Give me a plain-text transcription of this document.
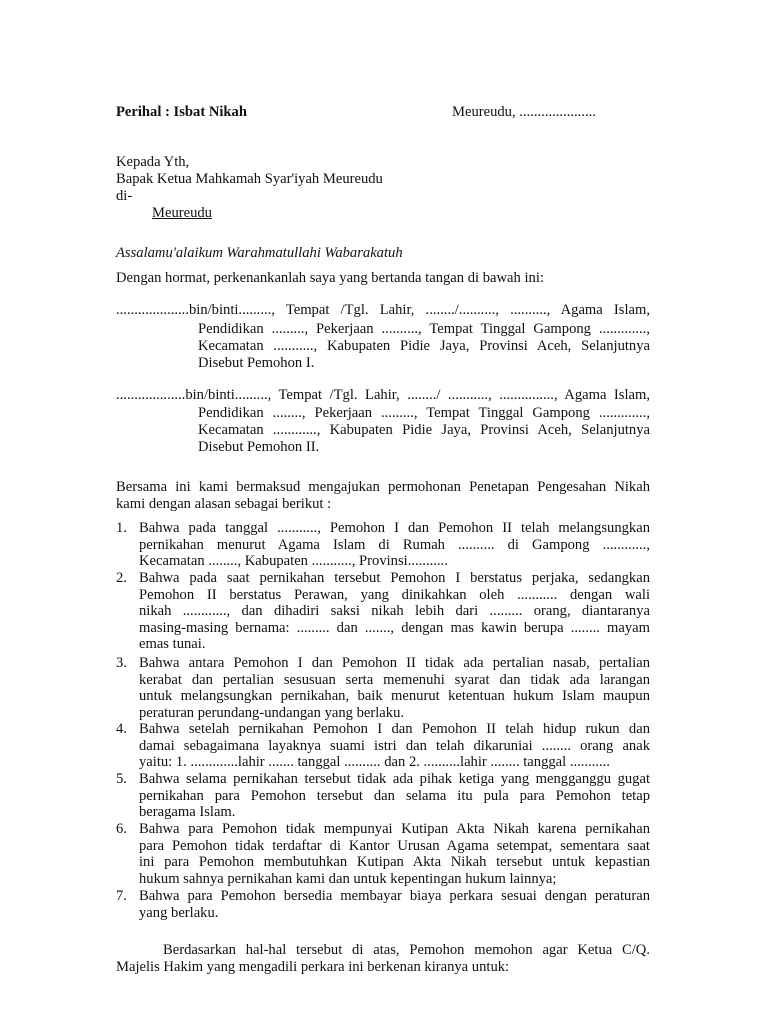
Perihal : Isbat Nikah	Meureudu, .....................
Kepada Yth,
Bapak Ketua Mahkamah Syar'iyah Meureudu
di-
Meureudu
Assalamu'alaikum Warahmatullahi Wabarakatuh
Dengan hormat, perkenankanlah saya yang bertanda tangan di bawah ini:
....................bin/binti........., Tempat /Tgl. Lahir, ......../.........., .........., Agama Islam,
Pendidikan ........., Pekerjaan .........., Tempat Tinggal Gampong .............,
Kecamatan ..........., Kabupaten Pidie Jaya, Provinsi Aceh, Selanjutnya
Disebut Pemohon I.
...................bin/binti........., Tempat /Tgl. Lahir, ......../ ..........., ..............., Agama Islam,
Pendidikan ........, Pekerjaan ........., Tempat Tinggal Gampong .............,
Kecamatan ............, Kabupaten Pidie Jaya, Provinsi Aceh, Selanjutnya
Disebut Pemohon II.
Bersama ini kami bermaksud mengajukan permohonan Penetapan Pengesahan Nikah
kami dengan alasan sebagai berikut :
1. Bahwa pada tanggal ..........., Pemohon I dan Pemohon II telah melangsungkan
pernikahan menurut Agama Islam di Rumah .......... di Gampong ............,
Kecamatan ........, Kabupaten ..........., Provinsi...........
2. Bahwa pada saat pernikahan tersebut Pemohon I berstatus perjaka, sedangkan
Pemohon II berstatus Perawan, yang dinikahkan oleh ........... dengan wali
nikah ............, dan dihadiri saksi nikah lebih dari ......... orang, diantaranya
masing-masing bernama: ......... dan ......., dengan mas kawin berupa ........ mayam
emas tunai.
3. Bahwa antara Pemohon I dan Pemohon II tidak ada pertalian nasab, pertalian
kerabat dan pertalian sesusuan serta memenuhi syarat dan tidak ada larangan
untuk melangsungkan pernikahan, baik menurut ketentuan hukum Islam maupun
peraturan perundang-undangan yang berlaku.
4. Bahwa setelah pernikahan Pemohon I dan Pemohon II telah hidup rukun dan
damai sebagaimana layaknya suami istri dan telah dikaruniai ........ orang anak
yaitu: 1. .............lahir ....... tanggal .......... dan 2. ..........lahir ........ tanggal ...........
5. Bahwa selama pernikahan tersebut tidak ada pihak ketiga yang mengganggu gugat
pernikahan para Pemohon tersebut dan selama itu pula para Pemohon tetap
beragama Islam.
6. Bahwa para Pemohon tidak mempunyai Kutipan Akta Nikah karena pernikahan
para Pemohon tidak terdaftar di Kantor Urusan Agama setempat, sementara saat
ini para Pemohon membutuhkan Kutipan Akta Nikah tersebut untuk kepastian
hukum sahnya pernikahan kami dan untuk kepentingan hukum lainnya;
7. Bahwa para Pemohon bersedia membayar biaya perkara sesuai dengan peraturan
yang berlaku.
Berdasarkan hal-hal tersebut di atas, Pemohon memohon agar Ketua C/Q.
Majelis Hakim yang mengadili perkara ini berkenan kiranya untuk:
